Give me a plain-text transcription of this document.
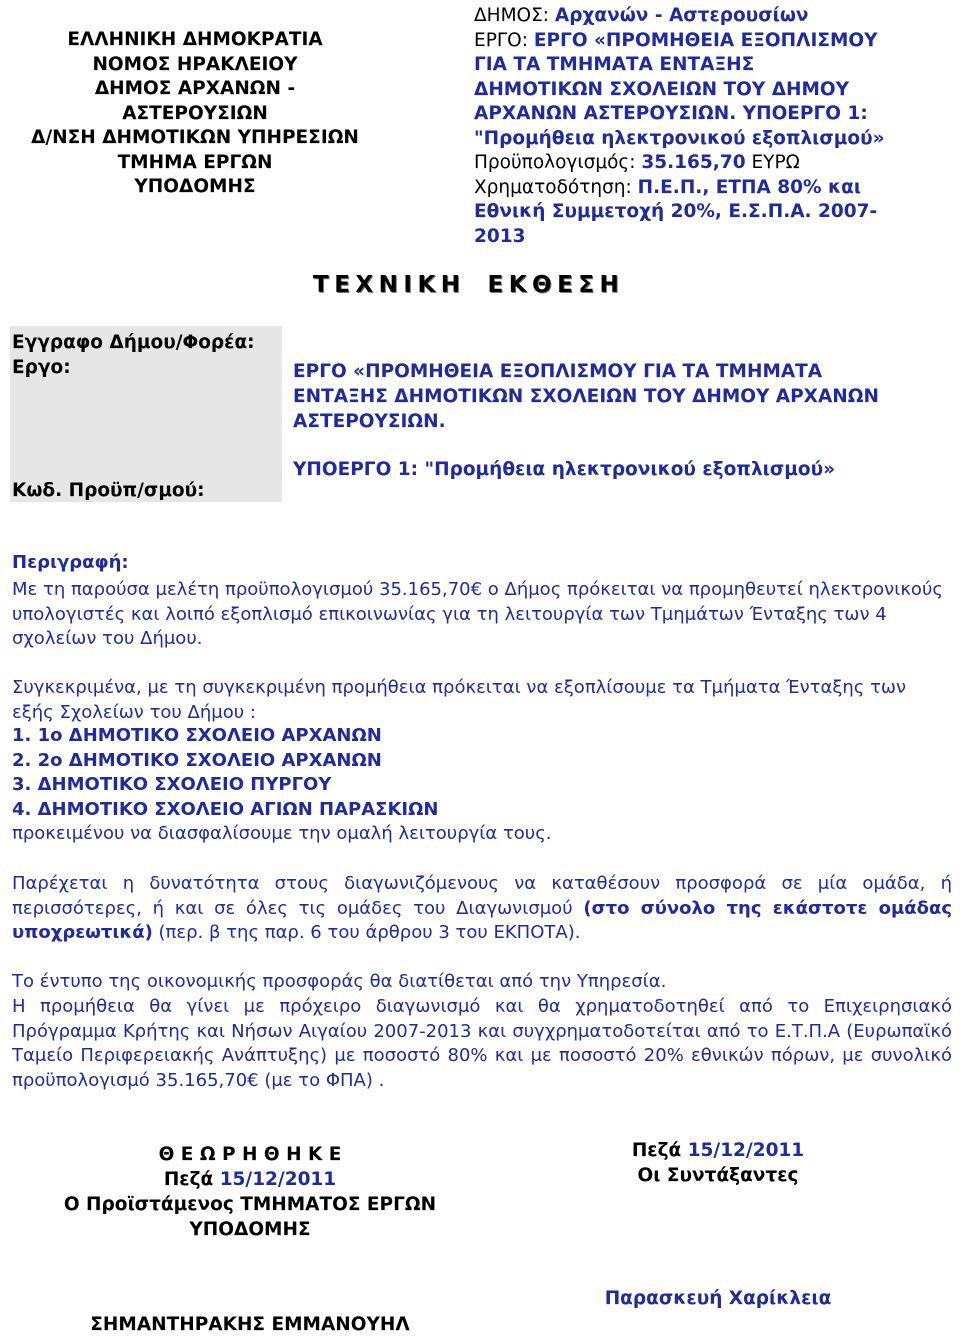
ΕΛΛΗΝΙΚΗ ΔΗΜΟΚΡΑΤΙΑ
ΝΟΜΟΣ ΗΡΑΚΛΕΙΟΥ
ΔΗΜΟΣ ΑΡΧΑΝΩΝ - ΑΣΤΕΡΟΥΣΙΩΝ
Δ/ΝΣΗ ΔΗΜΟΤΙΚΩΝ ΥΠΗΡΕΣΙΩΝ
ΤΜΗΜΑ ΕΡΓΩΝ
ΥΠΟΔΟΜΗΣ
ΔΗΜΟΣ: Αρχανών - Αστερουσίων
ΕΡΓΟ: ΕΡΓΟ «ΠΡΟΜΗΘΕΙΑ ΕΞΟΠΛΙΣΜΟΥ
ΓΙΑ ΤΑ ΤΜΗΜΑΤΑ ΕΝΤΑΞΗΣ
ΔΗΜΟΤΙΚΩΝ ΣΧΟΛΕΙΩΝ ΤΟΥ ΔΗΜΟΥ
ΑΡΧΑΝΩΝ ΑΣΤΕΡΟΥΣΙΩΝ. ΥΠΟΕΡΓΟ 1:
"Προμήθεια ηλεκτρονικού εξοπλισμού»
Προϋπολογισμός: 35.165,70 ΕΥΡΩ
Χρηματοδότηση: Π.Ε.Π., ΕΤΠΑ 80% και
Εθνική Συμμετοχή 20%, Ε.Σ.Π.Α. 2007-
2013
ΤΕΧΝΙΚΗ ΕΚΘΕΣΗ
Εγγραφο Δήμου/Φορέα:
Εργο:
Κωδ. Προϋπ/σμού:
ΕΡΓΟ «ΠΡΟΜΗΘΕΙΑ ΕΞΟΠΛΙΣΜΟΥ ΓΙΑ ΤΑ ΤΜΗΜΑΤΑ ΕΝΤΑΞΗΣ ΔΗΜΟΤΙΚΩΝ ΣΧΟΛΕΙΩΝ ΤΟΥ ΔΗΜΟΥ ΑΡΧΑΝΩΝ ΑΣΤΕΡΟΥΣΙΩΝ.
ΥΠΟΕΡΓΟ 1: "Προμήθεια ηλεκτρονικού εξοπλισμού»
Περιγραφή:
Με τη παρούσα μελέτη προϋπολογισμού 35.165,70€ ο Δήμος πρόκειται να προμηθευτεί ηλεκτρονικούς υπολογιστές και λοιπό εξοπλισμό επικοινωνίας για τη λειτουργία των Τμημάτων Ένταξης των 4 σχολείων του Δήμου.
Συγκεκριμένα, με τη συγκεκριμένη προμήθεια πρόκειται να εξοπλίσουμε τα Τμήματα Ένταξης των εξής Σχολείων του Δήμου :
1. 1ο ΔΗΜΟΤΙΚΟ ΣΧΟΛΕΙΟ ΑΡΧΑΝΩΝ
2. 2ο ΔΗΜΟΤΙΚΟ ΣΧΟΛΕΙΟ ΑΡΧΑΝΩΝ
3. ΔΗΜΟΤΙΚΟ ΣΧΟΛΕΙΟ ΠΥΡΓΟΥ
4. ΔΗΜΟΤΙΚΟ ΣΧΟΛΕΙΟ ΑΓΙΩΝ ΠΑΡΑΣΚΙΩΝ
προκειμένου να διασφαλίσουμε την ομαλή λειτουργία τους.
Παρέχεται η δυνατότητα στους διαγωνιζόμενους να καταθέσουν προσφορά σε μία ομάδα, ή περισσότερες, ή και σε όλες τις ομάδες του Διαγωνισμού (στο σύνολο της εκάστοτε ομάδας υποχρεωτικά) (περ. β της παρ. 6 του άρθρου 3 του ΕΚΠΟΤΑ).
Το έντυπο της οικονομικής προσφοράς θα διατίθεται από την Υπηρεσία.
Η προμήθεια θα γίνει με πρόχειρο διαγωνισμό και θα χρηματοδοτηθεί από το Επιχειρησιακό Πρόγραμμα Κρήτης και Νήσων Αιγαίου 2007-2013 και συγχρηματοδοτείται από το Ε.Τ.Π.Α (Ευρωπαϊκό Ταμείο Περιφερειακής Ανάπτυξης) με ποσοστό 80% και με ποσοστό 20% εθνικών πόρων, με συνολικό προϋπολογισμό 35.165,70€ (με το ΦΠΑ) .
Θ Ε Ω Ρ Η Θ Η Κ Ε
Πεζά 15/12/2011
Ο Προϊστάμενος ΤΜΗΜΑΤΟΣ ΕΡΓΩΝ
ΥΠΟΔΟΜΗΣ
ΣΗΜΑΝΤΗΡΑΚΗΣ ΕΜΜΑΝΟΥΗΛ
Πεζά 15/12/2011
Οι Συντάξαντες
Παρασκευή Χαρίκλεια
